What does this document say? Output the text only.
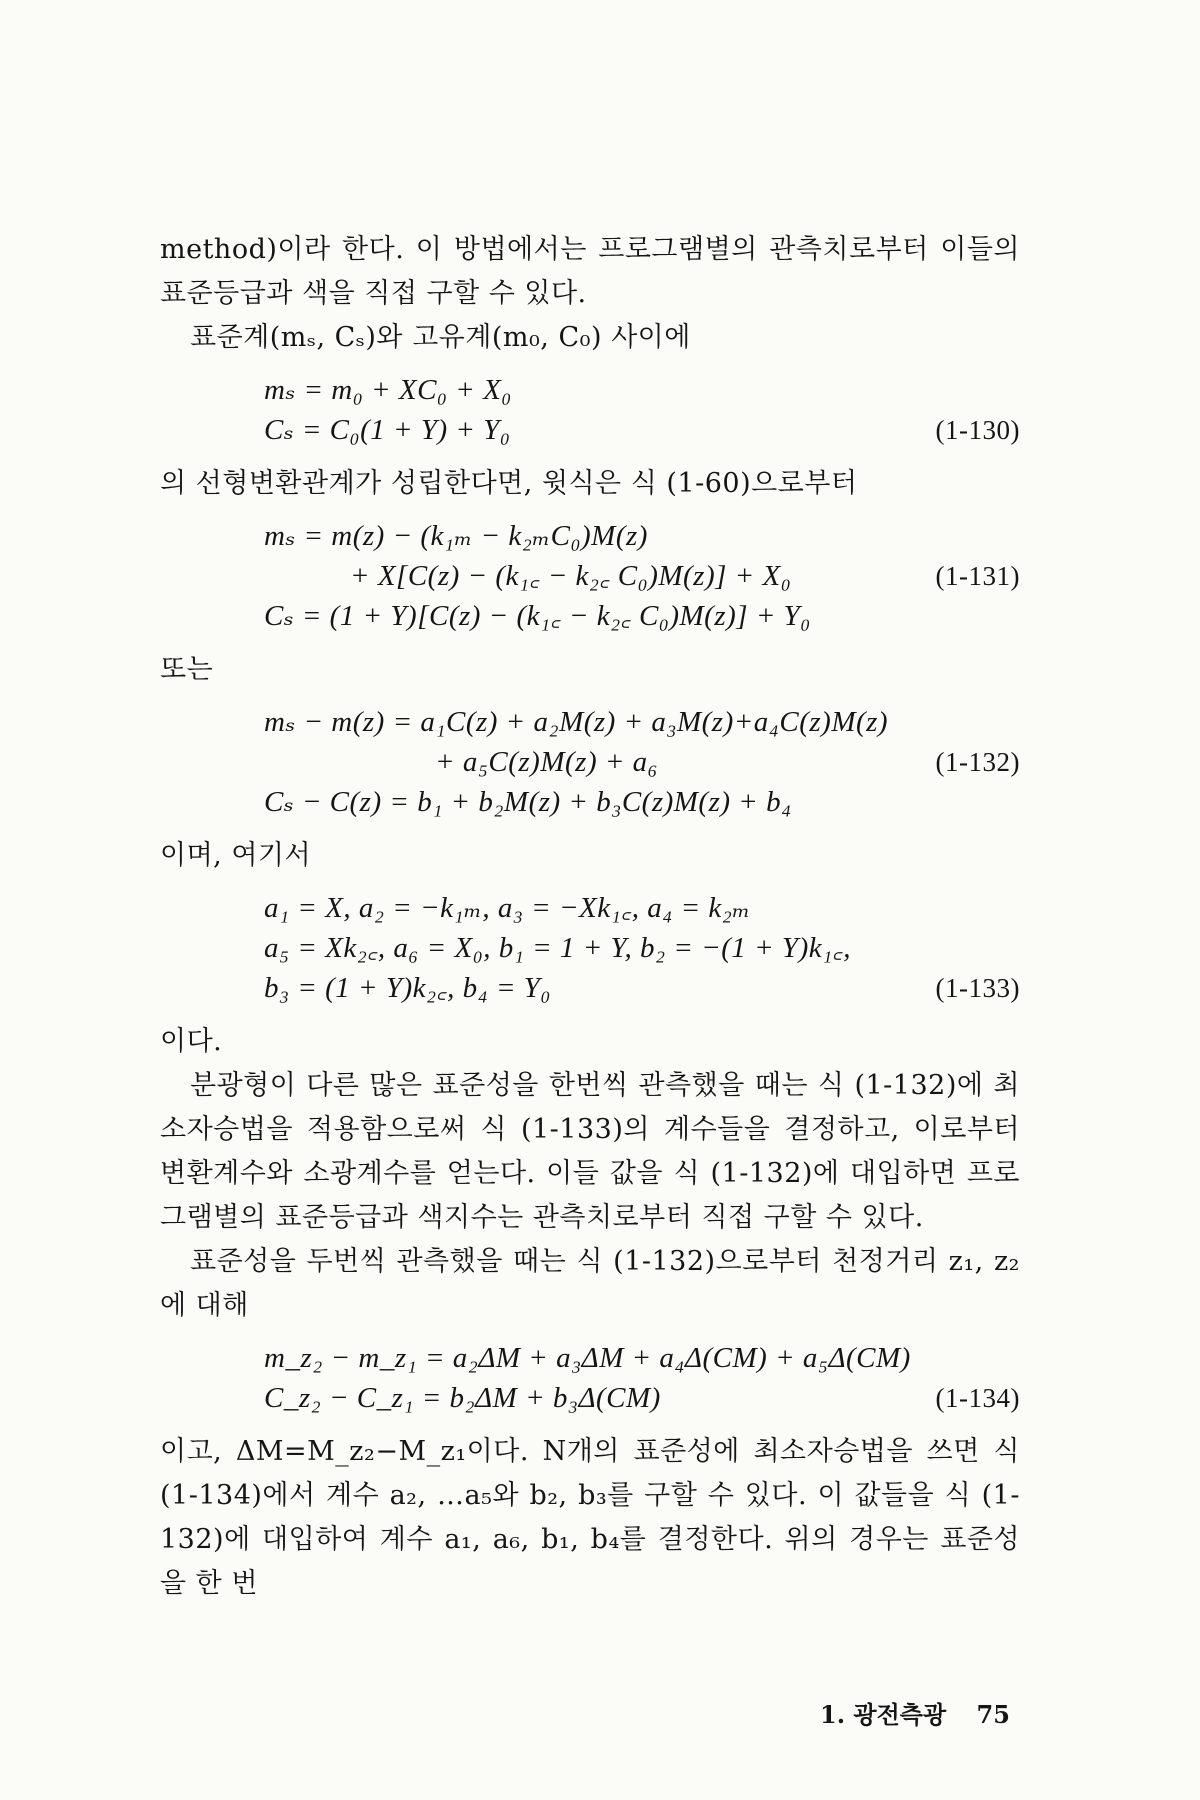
method)이라 한다. 이 방법에서는 프로그램별의 관측치로부터 이들의 표준등급과 색을 직접 구할 수 있다.

표준계(mₛ, Cₛ)와 고유계(m₀, C₀) 사이에

mₛ = m₀ + XC₀ + X₀
Cₛ = C₀(1 + Y) + Y₀	(1-130)

의 선형변환관계가 성립한다면, 윗식은 식 (1-60)으로부터

mₛ = m(z) − (k₁ₘ − k₂ₘC₀)M(z)
+ X[C(z) − (k₁꜀ − k₂꜀ C₀)M(z)] + X₀
Cₛ = (1 + Y)[C(z) − (k₁꜀ − k₂꜀ C₀)M(z)] + Y₀
(1-131)

또는

mₛ − m(z) = a₁C(z) + a₂M(z) + a₃M(z)+a₄C(z)M(z)
+ a₅C(z)M(z) + a₆
Cₛ − C(z) = b₁ + b₂M(z) + b₃C(z)M(z) + b₄
(1-132)

이며, 여기서

a₁ = X, a₂ = −k₁ₘ, a₃ = −Xk₁꜀, a₄ = k₂ₘ
a₅ = Xk₂꜀, a₆ = X₀, b₁ = 1 + Y, b₂ = −(1 + Y)k₁꜀,
b₃ = (1 + Y)k₂꜀, b₄ = Y₀	(1-133)

이다.

분광형이 다른 많은 표준성을 한번씩 관측했을 때는 식 (1-132)에 최소자승법을 적용함으로써 식 (1-133)의 계수들을 결정하고, 이로부터 변환계수와 소광계수를 얻는다. 이들 값을 식 (1-132)에 대입하면 프로그램별의 표준등급과 색지수는 관측치로부터 직접 구할 수 있다.

표준성을 두번씩 관측했을 때는 식 (1-132)으로부터 천정거리 z₁, z₂에 대해

m_z₂ − m_z₁ = a₂ΔM + a₃ΔM + a₄Δ(CM) + a₅Δ(CM)
C_z₂ − C_z₁ = b₂ΔM + b₃Δ(CM)	(1-134)

이고, ΔM=M_z₂−M_z₁이다. N개의 표준성에 최소자승법을 쓰면 식 (1-134)에서 계수 a₂, …a₅와 b₂, b₃를 구할 수 있다. 이 값들을 식 (1-132)에 대입하여 계수 a₁, a₆, b₁, b₄를 결정한다. 위의 경우는 표준성을 한 번

1. 광전측광 75
